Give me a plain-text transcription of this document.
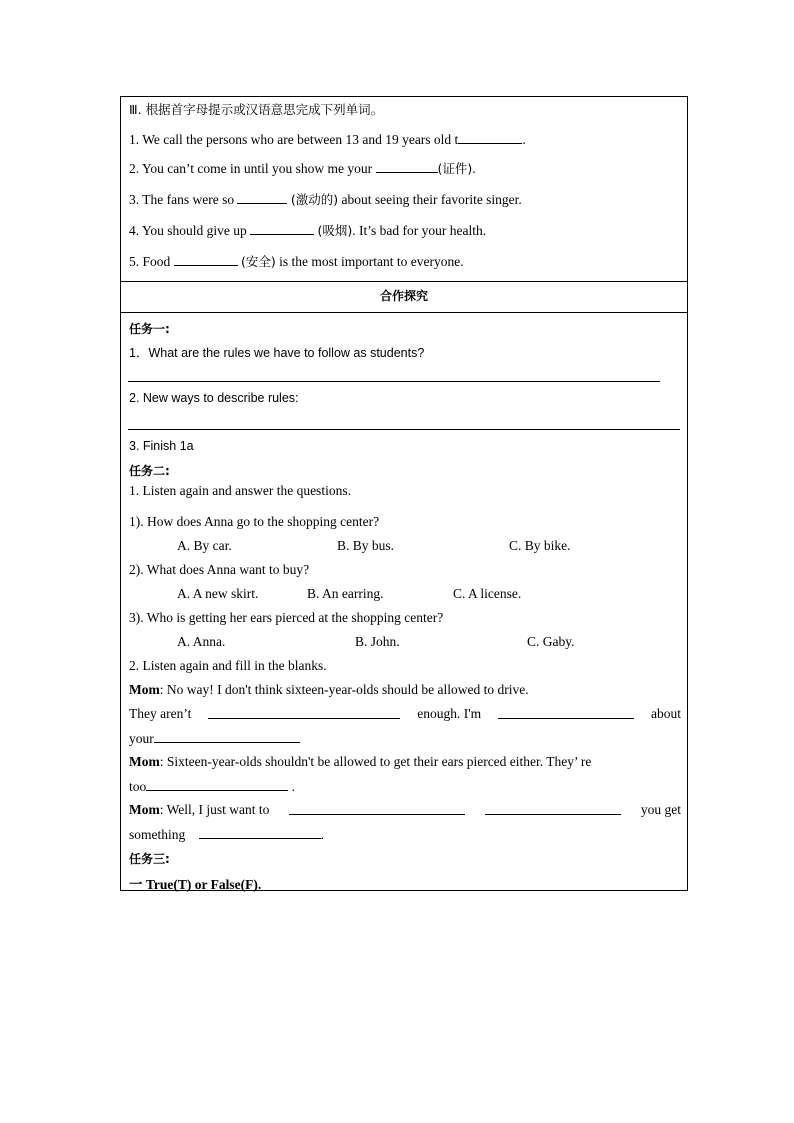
Ⅲ. 根据首字母提示或汉语意思完成下列单词。
1. We call the persons who are between 13 and 19 years old t	.
2. You can’t come in until you show me your	(证件).
3. The fans were so	(激动的) about seeing their favorite singer.
4. You should give up	(吸烟). It’s bad for your health.
5. Food	(安全) is the most important to everyone.
合作探究
任务一:
1．What are the rules we have to follow as students?
2. New ways to describe rules:
3. Finish 1a
任务二:
1. Listen again and answer the questions.
1). How does Anna go to the shopping center?
A. By car.	B. By bus.	C. By bike.
2). What does Anna want to buy?
A. A new skirt.	B. An earring.	C. A license.
3). Who is getting her ears pierced at the shopping center?
A. Anna.	B. John.	C. Gaby.
2. Listen again and fill in the blanks.
Mom: No way! I don't think sixteen-year-olds should be allowed to drive.
They aren’t	enough. I'm	about
your
Mom: Sixteen-year-olds shouldn't be allowed to get their ears pierced either. They’ re
too	.
Mom: Well, I just want to	you get
something	.
任务三:
一 True(T) or False(F).
